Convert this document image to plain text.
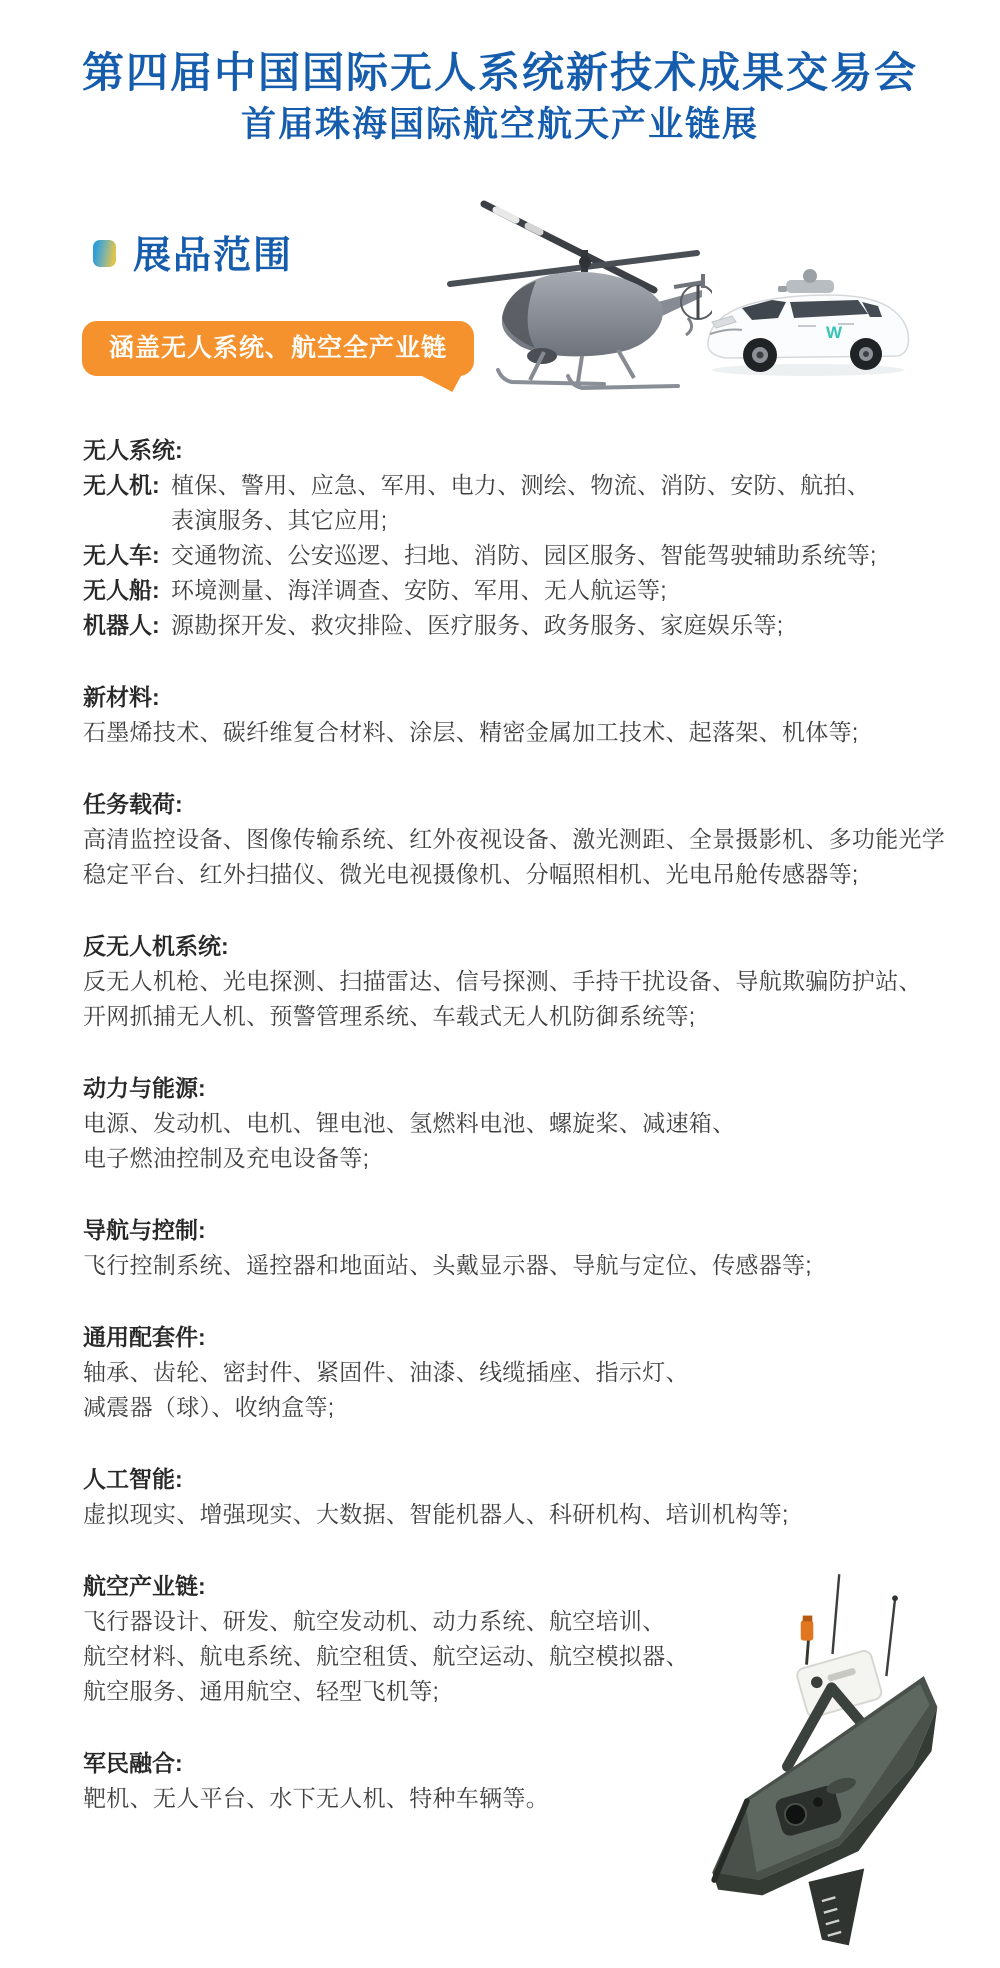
第四届中国国际无人系统新技术成果交易会
首届珠海国际航空航天产业链展
展品范围
涵盖无人系统、航空全产业链
W
无人系统:
无人机: 植保、警用、应急、军用、电力、测绘、物流、消防、安防、航拍、
表演服务、其它应用;
无人车: 交通物流、公安巡逻、扫地、消防、园区服务、智能驾驶辅助系统等;
无人船: 环境测量、海洋调查、安防、军用、无人航运等;
机器人: 源勘探开发、救灾排险、医疗服务、政务服务、家庭娱乐等;
新材料:
石墨烯技术、碳纤维复合材料、涂层、精密金属加工技术、起落架、机体等;
任务载荷:
高清监控设备、图像传输系统、红外夜视设备、激光测距、全景摄影机、多功能光学
稳定平台、红外扫描仪、微光电视摄像机、分幅照相机、光电吊舱传感器等;
反无人机系统:
反无人机枪、光电探测、扫描雷达、信号探测、手持干扰设备、导航欺骗防护站、
开网抓捕无人机、预警管理系统、车载式无人机防御系统等;
动力与能源:
电源、发动机、电机、锂电池、氢燃料电池、螺旋桨、减速箱、
电子燃油控制及充电设备等;
导航与控制:
飞行控制系统、遥控器和地面站、头戴显示器、导航与定位、传感器等;
通用配套件:
轴承、齿轮、密封件、紧固件、油漆、线缆插座、指示灯、
减震器（球）、收纳盒等;
人工智能:
虚拟现实、增强现实、大数据、智能机器人、科研机构、培训机构等;
航空产业链:
飞行器设计、研发、航空发动机、动力系统、航空培训、
航空材料、航电系统、航空租赁、航空运动、航空模拟器、
航空服务、通用航空、轻型飞机等;
军民融合:
靶机、无人平台、水下无人机、特种车辆等。
